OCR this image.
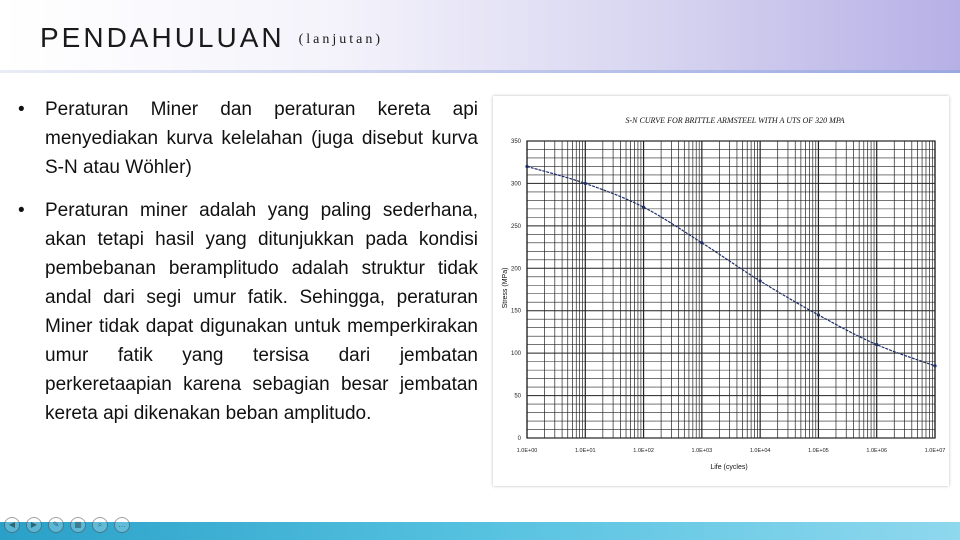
PENDAHULUAN (lanjutan)
• Peraturan Miner dan peraturan kereta api menyediakan kurva kelelahan (juga disebut kurva S-N atau Wöhler)
• Peraturan miner adalah yang paling sederhana, akan tetapi hasil yang ditunjukkan pada kondisi pembebanan beramplitudo adalah struktur tidak andal dari segi umur fatik. Sehingga, peraturan Miner tidak dapat digunakan untuk memperkirakan umur fatik yang tersisa dari jembatan perkeretaapian karena sebagian besar jembatan kereta api dikenakan beban amplitudo.
S-N CURVE FOR BRITTLE ARMSTEEL WITH A UTS OF 320 MPA
0
50
100
150
200
250
300
350
1.0E+00	1.0E+01	1.0E+02	1.0E+03	1.0E+04	1.0E+05	1.0E+06	1.0E+07
Life (cycles)
Stress (MPa)
◀	▶	✎	▦	⌕	…
